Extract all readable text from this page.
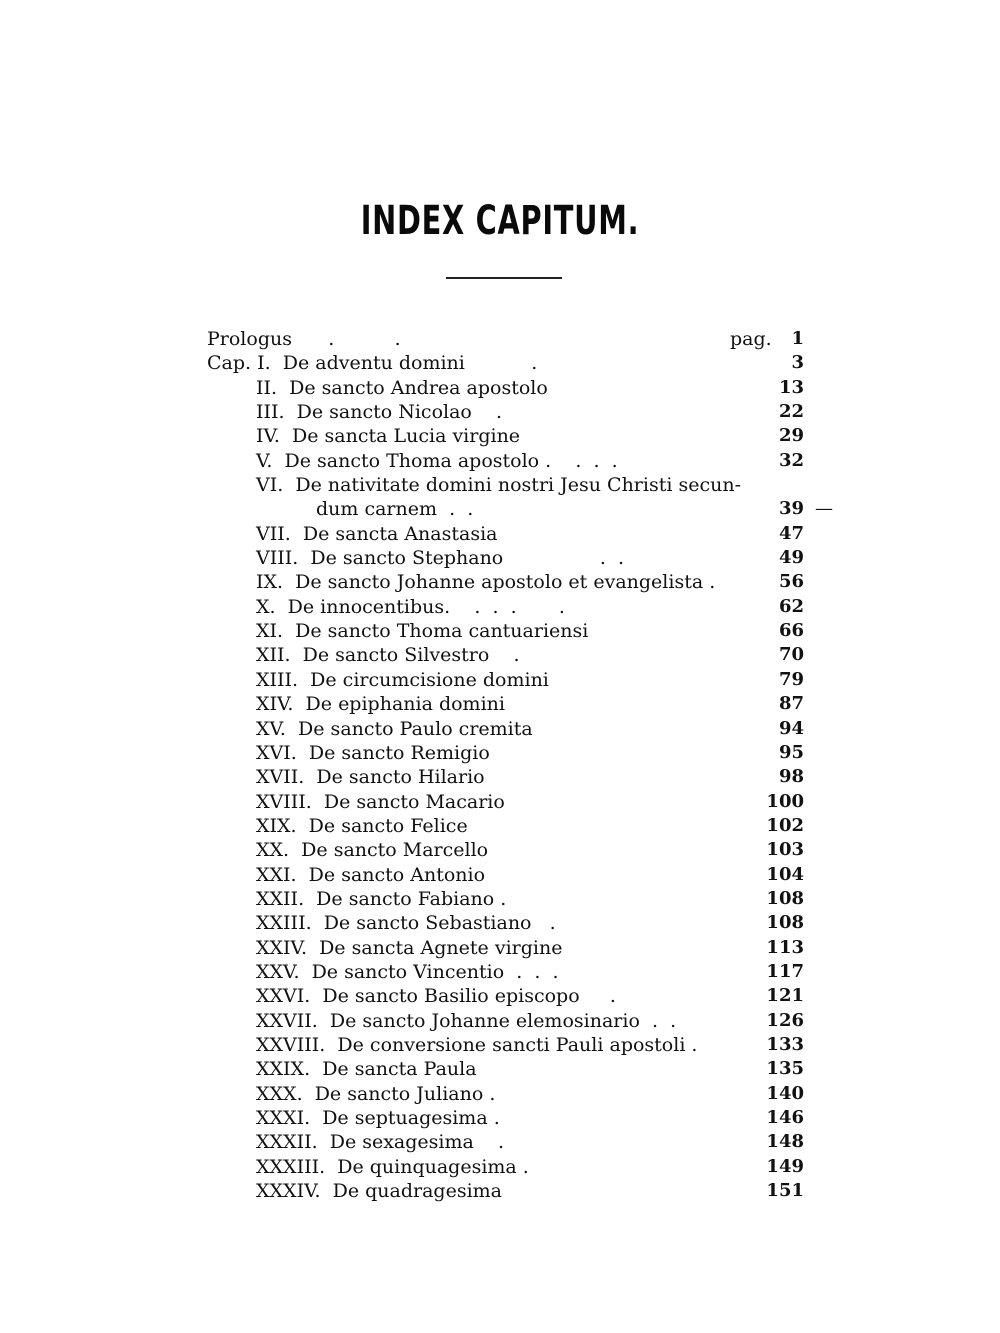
INDEX CAPITUM.
Prologus      .          .	pag. 1
Cap. I.  De adventu domini           .	3
II.  De sancto Andrea apostolo	13
III.  De sancto Nicolao    .	22
IV.  De sancta Lucia virgine	29
V.  De sancto Thoma apostolo .    .  .  .	32
VI.  De nativitate domini nostri Jesu Christi secun-
dum carnem  .  .	39 —
VII.  De sancta Anastasia	47
VIII.  De sancto Stephano                .  .	49
IX.  De sancto Johanne apostolo et evangelista .	56
X.  De innocentibus.    .  .  .       .	62
XI.  De sancto Thoma cantuariensi	66
XII.  De sancto Silvestro    .	70
XIII.  De circumcisione domini	79
XIV.  De epiphania domini	87
XV.  De sancto Paulo cremita	94
XVI.  De sancto Remigio	95
XVII.  De sancto Hilario	98
XVIII.  De sancto Macario	100
XIX.  De sancto Felice	102
XX.  De sancto Marcello	103
XXI.  De sancto Antonio	104
XXII.  De sancto Fabiano .	108
XXIII.  De sancto Sebastiano   .	108
XXIV.  De sancta Agnete virgine	113
XXV.  De sancto Vincentio  .  .  .	117
XXVI.  De sancto Basilio episcopo     .	121
XXVII.  De sancto Johanne elemosinario  .  .	126
XXVIII.  De conversione sancti Pauli apostoli .	133
XXIX.  De sancta Paula	135
XXX.  De sancto Juliano .	140
XXXI.  De septuagesima .	146
XXXII.  De sexagesima    .	148
XXXIII.  De quinquagesima .	149
XXXIV.  De quadragesima	151
